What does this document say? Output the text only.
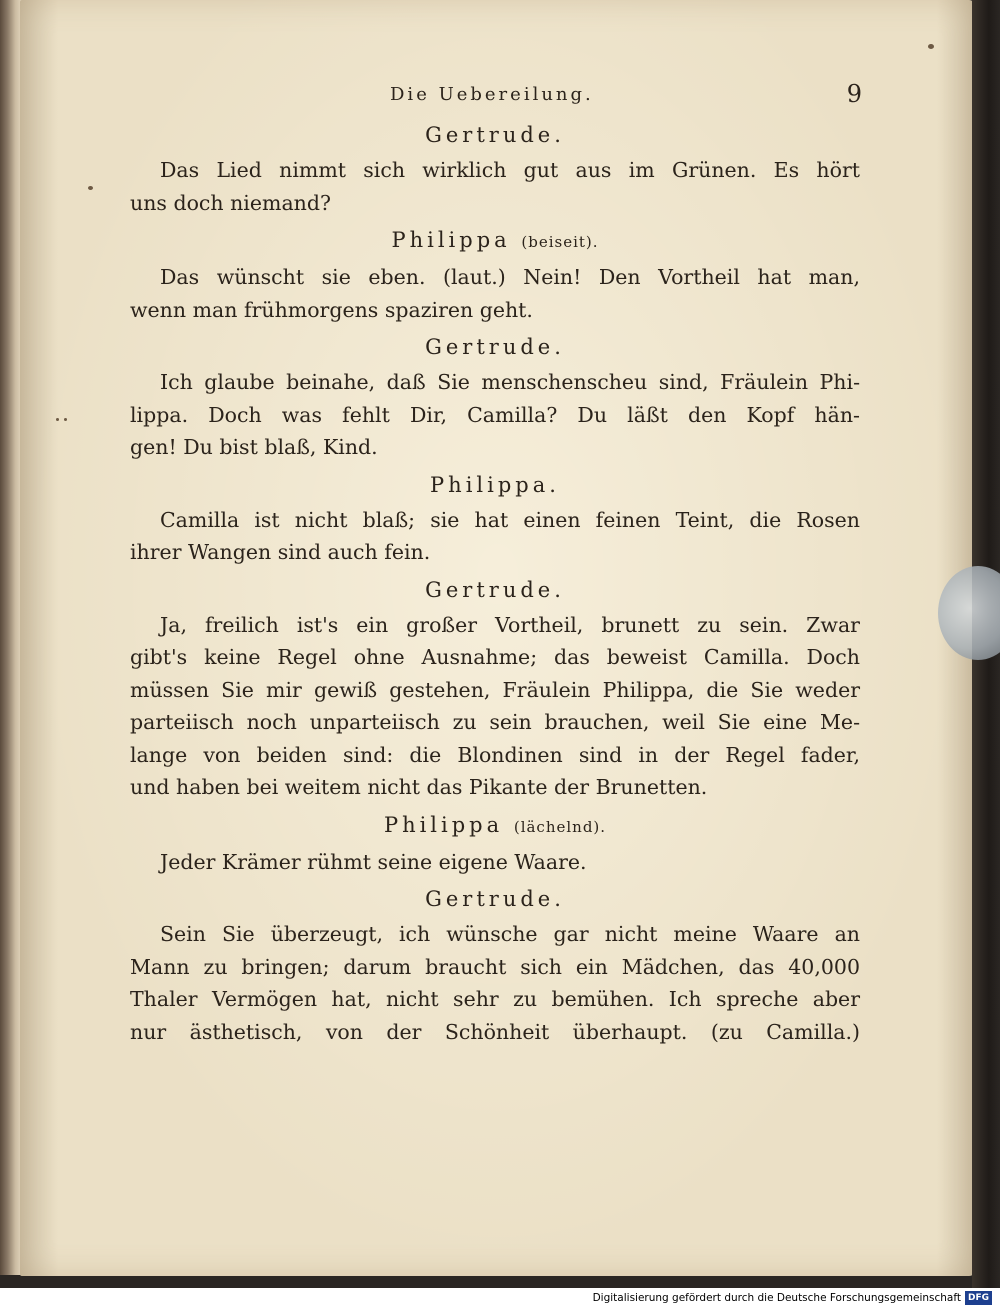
Die Uebereilung.	9
Gertrude.

Das Lied nimmt sich wirklich gut aus im Grünen. Es hört
uns doch niemand?

Philippa (beiseit).

Das wünscht sie eben. (laut.) Nein! Den Vortheil hat man,
wenn man frühmorgens spaziren geht.

Gertrude.

Ich glaube beinahe, daß Sie menschenscheu sind, Fräulein Phi-
lippa. Doch was fehlt Dir, Camilla? Du läßt den Kopf hän-
gen! Du bist blaß, Kind.

Philippa.

Camilla ist nicht blaß; sie hat einen feinen Teint, die Rosen
ihrer Wangen sind auch fein.

Gertrude.

Ja, freilich ist's ein großer Vortheil, brunett zu sein. Zwar
gibt's keine Regel ohne Ausnahme; das beweist Camilla. Doch
müssen Sie mir gewiß gestehen, Fräulein Philippa, die Sie weder
parteiisch noch unparteiisch zu sein brauchen, weil Sie eine Me-
lange von beiden sind: die Blondinen sind in der Regel fader,
und haben bei weitem nicht das Pikante der Brunetten.

Philippa (lächelnd).

Jeder Krämer rühmt seine eigene Waare.

Gertrude.

Sein Sie überzeugt, ich wünsche gar nicht meine Waare an
Mann zu bringen; darum braucht sich ein Mädchen, das 40,000
Thaler Vermögen hat, nicht sehr zu bemühen. Ich spreche aber
nur ästhetisch, von der Schönheit überhaupt. (zu Camilla.)

Digitalisierung gefördert durch die Deutsche Forschungsgemeinschaft DFG
